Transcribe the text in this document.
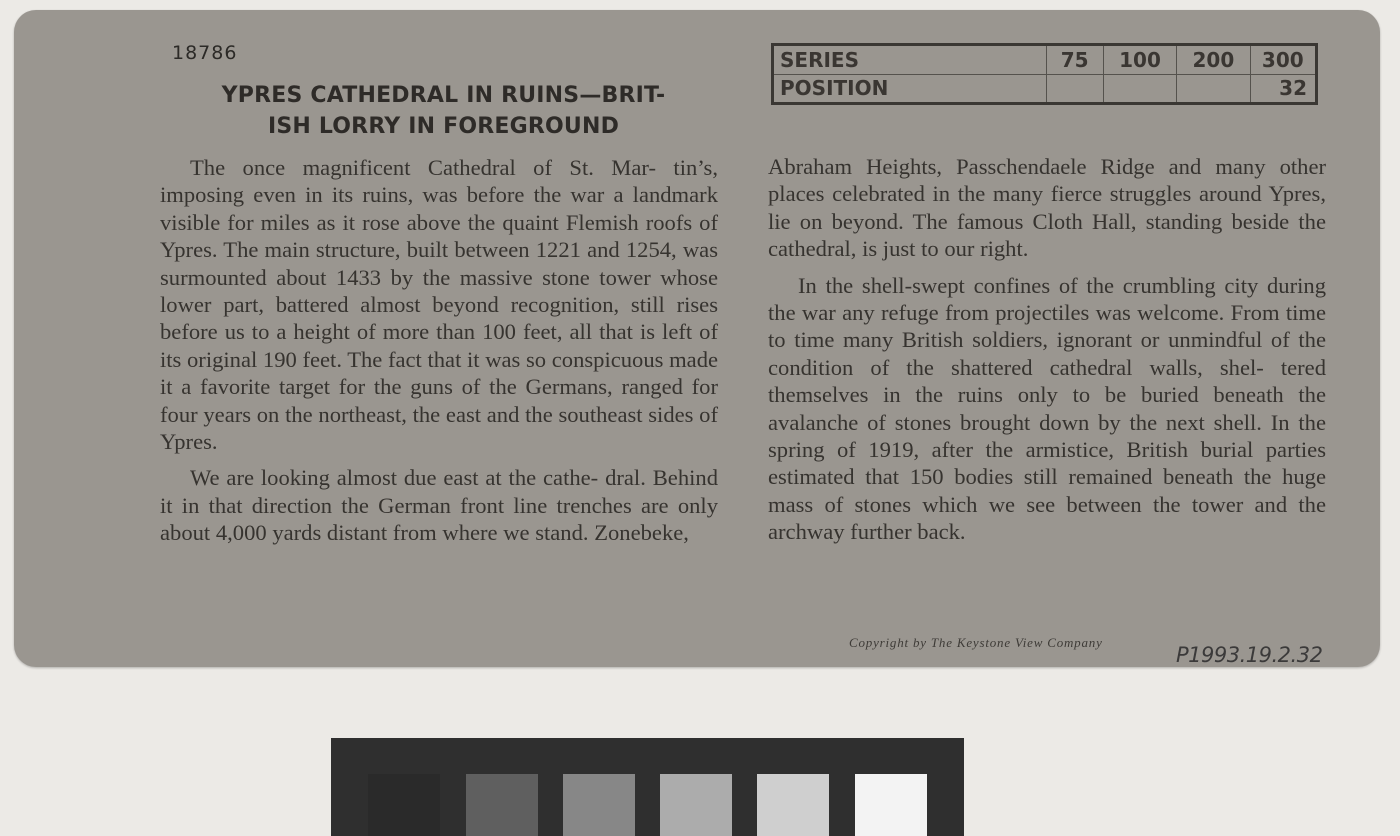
18786
YPRES CATHEDRAL IN RUINS—BRIT-
ISH LORRY IN FOREGROUND
SERIES	75	100	200	300
POSITION				32

The once magnificent Cathedral of St. Mar- tin’s, imposing even in its ruins, was before the war a landmark visible for miles as it rose above the quaint Flemish roofs of Ypres. The main structure, built between 1221 and 1254, was surmounted about 1433 by the massive stone tower whose lower part, battered almost beyond recognition, still rises before us to a height of more than 100 feet, all that is left of its original 190 feet. The fact that it was so conspicuous made it a favorite target for the guns of the Germans, ranged for four years on the northeast, the east and the southeast sides of Ypres.

We are looking almost due east at the cathe- dral. Behind it in that direction the German front line trenches are only about 4,000 yards distant from where we stand. Zonebeke,

Abraham Heights, Passchendaele Ridge and many other places celebrated in the many fierce struggles around Ypres, lie on beyond. The famous Cloth Hall, standing beside the cathedral, is just to our right.

In the shell-swept confines of the crumbling city during the war any refuge from projectiles was welcome. From time to time many British soldiers, ignorant or unmindful of the condition of the shattered cathedral walls, shel- tered themselves in the ruins only to be buried beneath the avalanche of stones brought down by the next shell. In the spring of 1919, after the armistice, British burial parties estimated that 150 bodies still remained beneath the huge mass of stones which we see between the tower and the archway further back.

Copyright by The Keystone View Company
P1993.19.2.32
